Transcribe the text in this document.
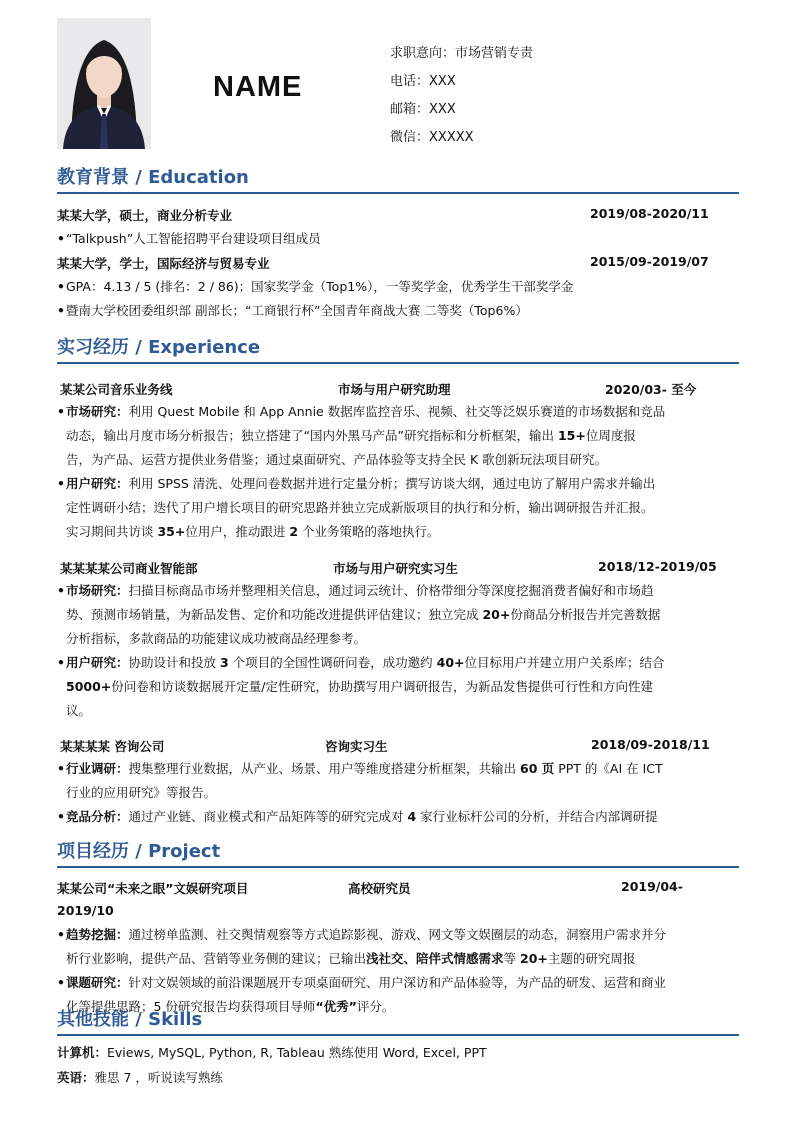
NAME
求职意向：市场营销专责
电话：XXX
邮箱：XXX
微信：XXXXX
教育背景 / Education
某某大学，硕士，商业分析专业	2019/08-2020/11
•“Talkpush”人工智能招聘平台建设项目组成员
某某大学，学士，国际经济与贸易专业	2015/09-2019/07
•GPA：4.13 / 5 (排名：2 / 86)；国家奖学金（Top1%），一等奖学金，优秀学生干部奖学金
•暨南大学校团委组织部 副部长；“工商银行杯”全国青年商战大赛 二等奖（Top6%）
实习经历 / Experience
某某公司音乐业务线	市场与用户研究助理	2020/03- 至今
•市场研究：利用 Quest Mobile 和 App Annie 数据库监控音乐、视频、社交等泛娱乐赛道的市场数据和竞品
动态，输出月度市场分析报告；独立搭建了“国内外黑马产品”研究指标和分析框架，输出 15+位周度报
告，为产品、运营方提供业务借鉴；通过桌面研究、产品体验等支持全民 K 歌创新玩法项目研究。
•用户研究：利用 SPSS 清洗、处理问卷数据并进行定量分析；撰写访谈大纲，通过电访了解用户需求并输出
定性调研小结；迭代了用户增长项目的研究思路并独立完成新版项目的执行和分析，输出调研报告并汇报。
实习期间共访谈 35+位用户，推动跟进 2 个业务策略的落地执行。
某某某某公司商业智能部	市场与用户研究实习生	2018/12-2019/05
•市场研究：扫描目标商品市场并整理相关信息，通过词云统计、价格带细分等深度挖掘消费者偏好和市场趋
势、预测市场销量，为新品发售、定价和功能改进提供评估建议；独立完成 20+份商品分析报告并完善数据
分析指标，多款商品的功能建议成功被商品经理参考。
•用户研究：协助设计和投放 3 个项目的全国性调研问卷，成功邀约 40+位目标用户并建立用户关系库；结合
5000+份问卷和访谈数据展开定量/定性研究，协助撰写用户调研报告，为新品发售提供可行性和方向性建
议。
某某某某 咨询公司	咨询实习生	2018/09-2018/11
•行业调研：搜集整理行业数据，从产业、场景、用户等维度搭建分析框架，共输出 60 页 PPT 的《AI 在 ICT
行业的应用研究》等报告。
•竞品分析：通过产业链、商业模式和产品矩阵等的研究完成对 4 家行业标杆公司的分析，并结合内部调研提
项目经历 / Project
某某公司“未来之眼”文娱研究项目	高校研究员	2019/04-
2019/10
•趋势挖掘：通过榜单监测、社交舆情观察等方式追踪影视、游戏、网文等文娱圈层的动态，洞察用户需求并分
析行业影响，提供产品、营销等业务侧的建议；已输出浅社交、陪伴式情感需求等 20+主题的研究周报
•课题研究：针对文娱领域的前沿课题展开专项桌面研究、用户深访和产品体验等，为产品的研发、运营和商业
化等提供思路；5 份研究报告均获得项目导师“优秀”评分。
其他技能 / Skills
计算机：Eviews, MySQL, Python, R, Tableau 熟练使用 Word, Excel, PPT
英语：雅思 7 ，听说读写熟练
